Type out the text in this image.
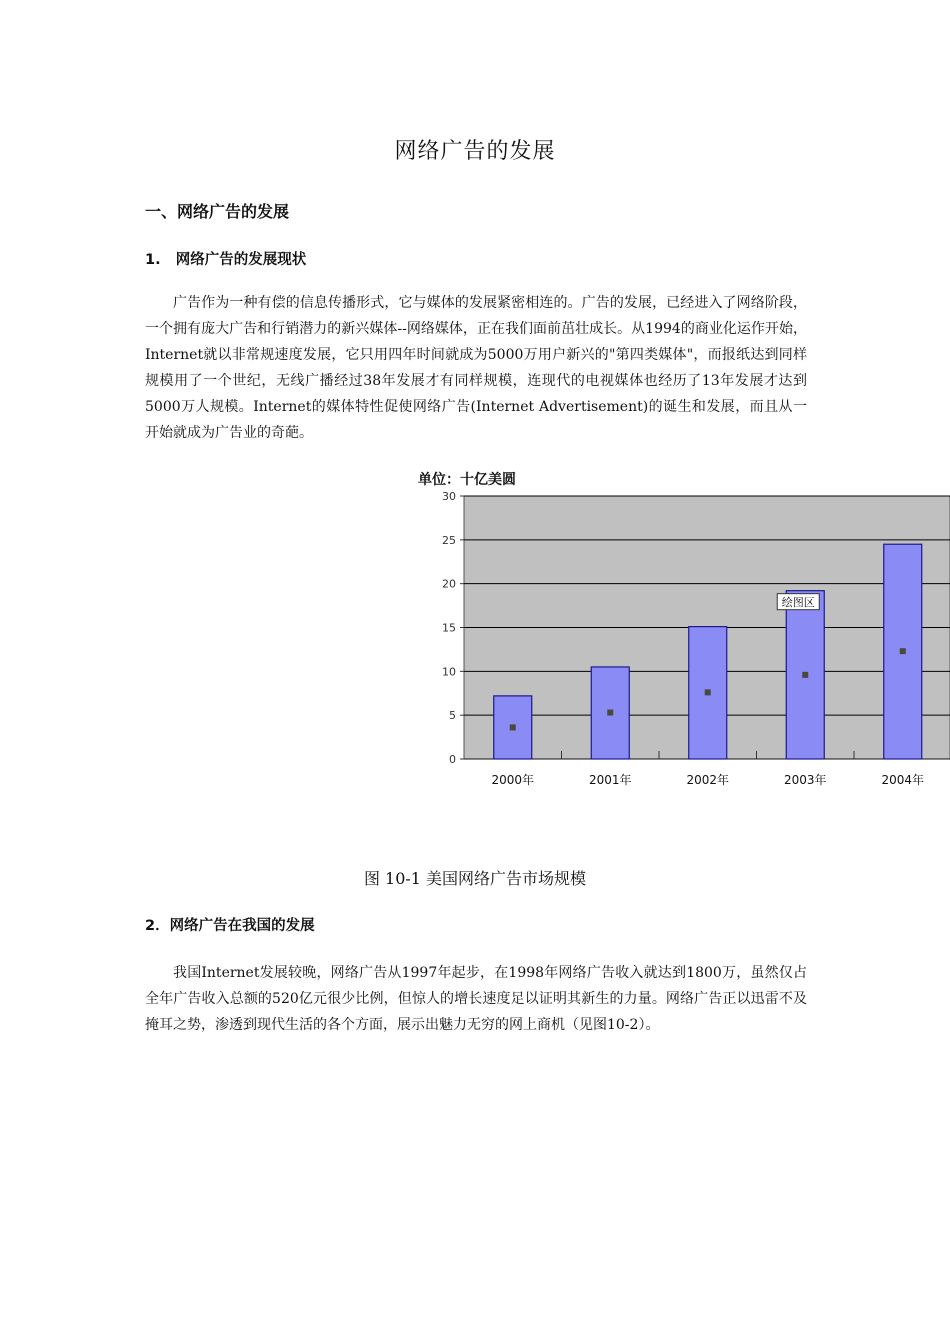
网络广告的发展
一、网络广告的发展
1.   网络广告的发展现状
广告作为一种有偿的信息传播形式，它与媒体的发展紧密相连的。广告的发展，已经进入了网络阶段，一个拥有庞大广告和行销潜力的新兴媒体--网络媒体，正在我们面前茁壮成长。从1994的商业化运作开始，Internet就以非常规速度发展，它只用四年时间就成为5000万用户新兴的"第四类媒体"，而报纸达到同样规模用了一个世纪，无线广播经过38年发展才有同样规模，连现代的电视媒体也经历了13年发展才达到5000万人规模。Internet的媒体特性促使网络广告(Internet Advertisement)的诞生和发展，而且从一开始就成为广告业的奇葩。
单位：十亿美圆
0
5
10
15
20
25
30
2000年	2001年	2002年	2003年	2004年
绘图区
图 10-1 美国网络广告市场规模
2．网络广告在我国的发展
我国Internet发展较晚，网络广告从1997年起步，在1998年网络广告收入就达到1800万，虽然仅占全年广告收入总额的520亿元很少比例，但惊人的增长速度足以证明其新生的力量。网络广告正以迅雷不及掩耳之势，渗透到现代生活的各个方面，展示出魅力无穷的网上商机（见图10-2）。
